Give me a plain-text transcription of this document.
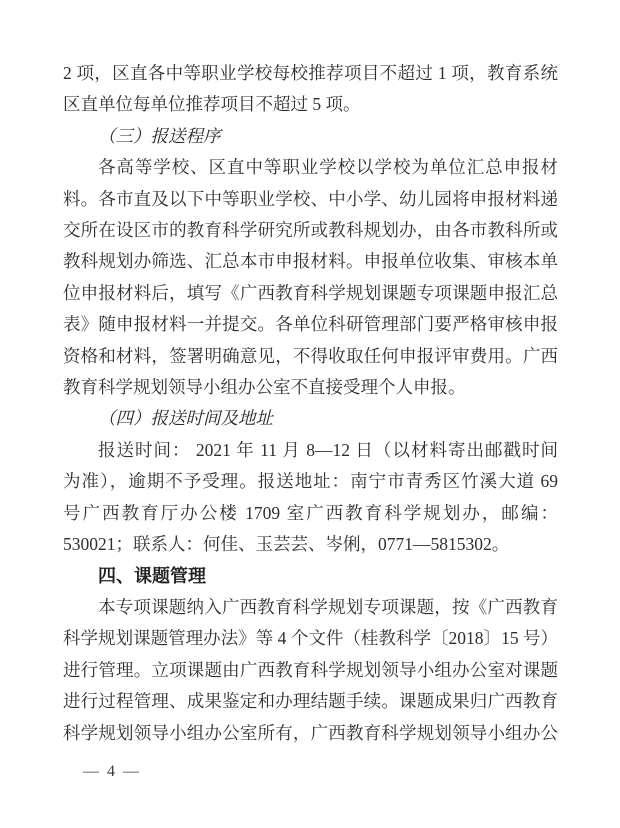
2 项，区直各中等职业学校每校推荐项目不超过 1 项，教育系统
区直单位每单位推荐项目不超过 5 项。
（三）报送程序
各高等学校、区直中等职业学校以学校为单位汇总申报材
料。各市直及以下中等职业学校、中小学、幼儿园将申报材料递
交所在设区市的教育科学研究所或教科规划办，由各市教科所或
教科规划办筛选、汇总本市申报材料。申报单位收集、审核本单
位申报材料后，填写《广西教育科学规划课题专项课题申报汇总
表》随申报材料一并提交。各单位科研管理部门要严格审核申报
资格和材料，签署明确意见，不得收取任何申报评审费用。广西
教育科学规划领导小组办公室不直接受理个人申报。
（四）报送时间及地址
报送时间： 2021 年 11 月 8—12 日（以材料寄出邮戳时间
为准），逾期不予受理。报送地址：南宁市青秀区竹溪大道 69
号广西教育厅办公楼 1709 室广西教育科学规划办，邮编：
530021；联系人：何佳、玉芸芸、岑俐，0771—5815302。
四、课题管理
本专项课题纳入广西教育科学规划专项课题，按《广西教育
科学规划课题管理办法》等 4 个文件（桂教科学〔2018〕15 号）
进行管理。立项课题由广西教育科学规划领导小组办公室对课题
进行过程管理、成果鉴定和办理结题手续。课题成果归广西教育
科学规划领导小组办公室所有，广西教育科学规划领导小组办公
— 4 —
